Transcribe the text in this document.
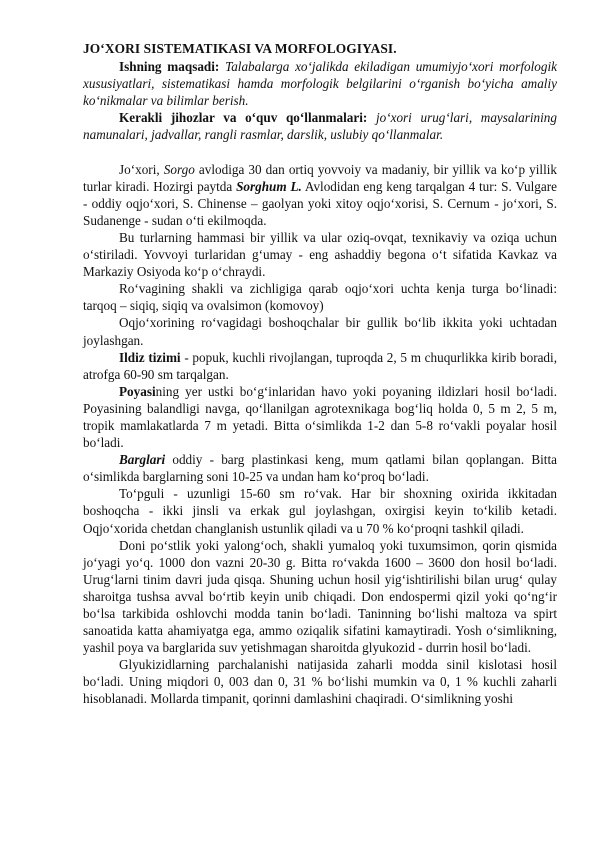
JO‘XORI SISTEMATIKASI VA MORFOLOGIYASI.

Ishning maqsadi: Talabalarga xo‘jalikda ekiladigan umumiyjo‘xori morfologik xususiyatlari, sistematikasi hamda morfologik belgilarini o‘rganish bo‘yicha amaliy ko‘nikmalar va bilimlar berish.

Kerakli jihozlar va o‘quv qo‘llanmalari: jo‘xori urug‘lari, maysalarining namunalari, jadvallar, rangli rasmlar, darslik, uslubiy qo‘llanmalar.

Jo‘xori, Sorgo avlodiga 30 dan ortiq yovvoiy va madaniy, bir yillik va ko‘p yillik turlar kiradi. Hozirgi paytda Sorghum L. Avlodidan eng keng tarqalgan 4 tur: S. Vulgare - oddiy oqjo‘xori, S. Chinense – gaolyan yoki xitoy oqjo‘xorisi, S. Cernum - jo‘xori, S. Sudanenge - sudan o‘ti ekilmoqda.

Bu turlarning hammasi bir yillik va ular oziq-ovqat, texnikaviy va oziqa uchun o‘stiriladi. Yovvoyi turlaridan g‘umay - eng ashaddiy begona o‘t sifatida Kavkaz va Markaziy Osiyoda ko‘p o‘chraydi.

Ro‘vagining shakli va zichligiga qarab oqjo‘xori uchta kenja turga bo‘linadi: tarqoq – siqiq, siqiq va ovalsimon (komovoy)

Oqjo‘xorining ro‘vagidagi boshoqchalar bir gullik bo‘lib ikkita yoki uchtadan joylashgan.

Ildiz tizimi - popuk, kuchli rivojlangan, tuproqda 2, 5 m chuqurlikka kirib boradi, atrofga 60-90 sm tarqalgan.

Poyasining yer ustki bo‘g‘inlaridan havo yoki poyaning ildizlari hosil bo‘ladi. Poyasining balandligi navga, qo‘llanilgan agrotexnikaga bog‘liq holda 0, 5 m 2, 5 m, tropik mamlakatlarda 7 m yetadi. Bitta o‘simlikda 1-2 dan 5-8 ro‘vakli poyalar hosil bo‘ladi.

Barglari oddiy - barg plastinkasi keng, mum qatlami bilan qoplangan. Bitta o‘simlikda barglarning soni 10-25 va undan ham ko‘proq bo‘ladi.

To‘pguli - uzunligi 15-60 sm ro‘vak. Har bir shoxning oxirida ikkitadan boshoqcha - ikki jinsli va erkak gul joylashgan, oxirgisi keyin to‘kilib ketadi. Oqjo‘xorida chetdan changlanish ustunlik qiladi va u 70 % ko‘proqni tashkil qiladi.

Doni po‘stlik yoki yalong‘och, shakli yumaloq yoki tuxumsimon, qorin qismida jo‘yagi yo‘q. 1000 don vazni 20-30 g. Bitta ro‘vakda 1600 – 3600 don hosil bo‘ladi. Urug‘larni tinim davri juda qisqa. Shuning uchun hosil yig‘ishtirilishi bilan urug‘ qulay sharoitga tushsa avval bo‘rtib keyin unib chiqadi. Don endospermi qizil yoki qo‘ng‘ir bo‘lsa tarkibida oshlovchi modda tanin bo‘ladi. Taninning bo‘lishi maltoza va spirt sanoatida katta ahamiyatga ega, ammo oziqalik sifatini kamaytiradi. Yosh o‘simlikning, yashil poya va barglarida suv yetishmagan sharoitda glyukozid - durrin hosil bo‘ladi.

Glyukizidlarning parchalanishi natijasida zaharli modda sinil kislotasi hosil bo‘ladi. Uning miqdori 0, 003 dan 0, 31 % bo‘lishi mumkin va 0, 1 % kuchli zaharli hisoblanadi. Mollarda timpanit, qorinni damlashini chaqiradi. O‘simlikning yoshi
